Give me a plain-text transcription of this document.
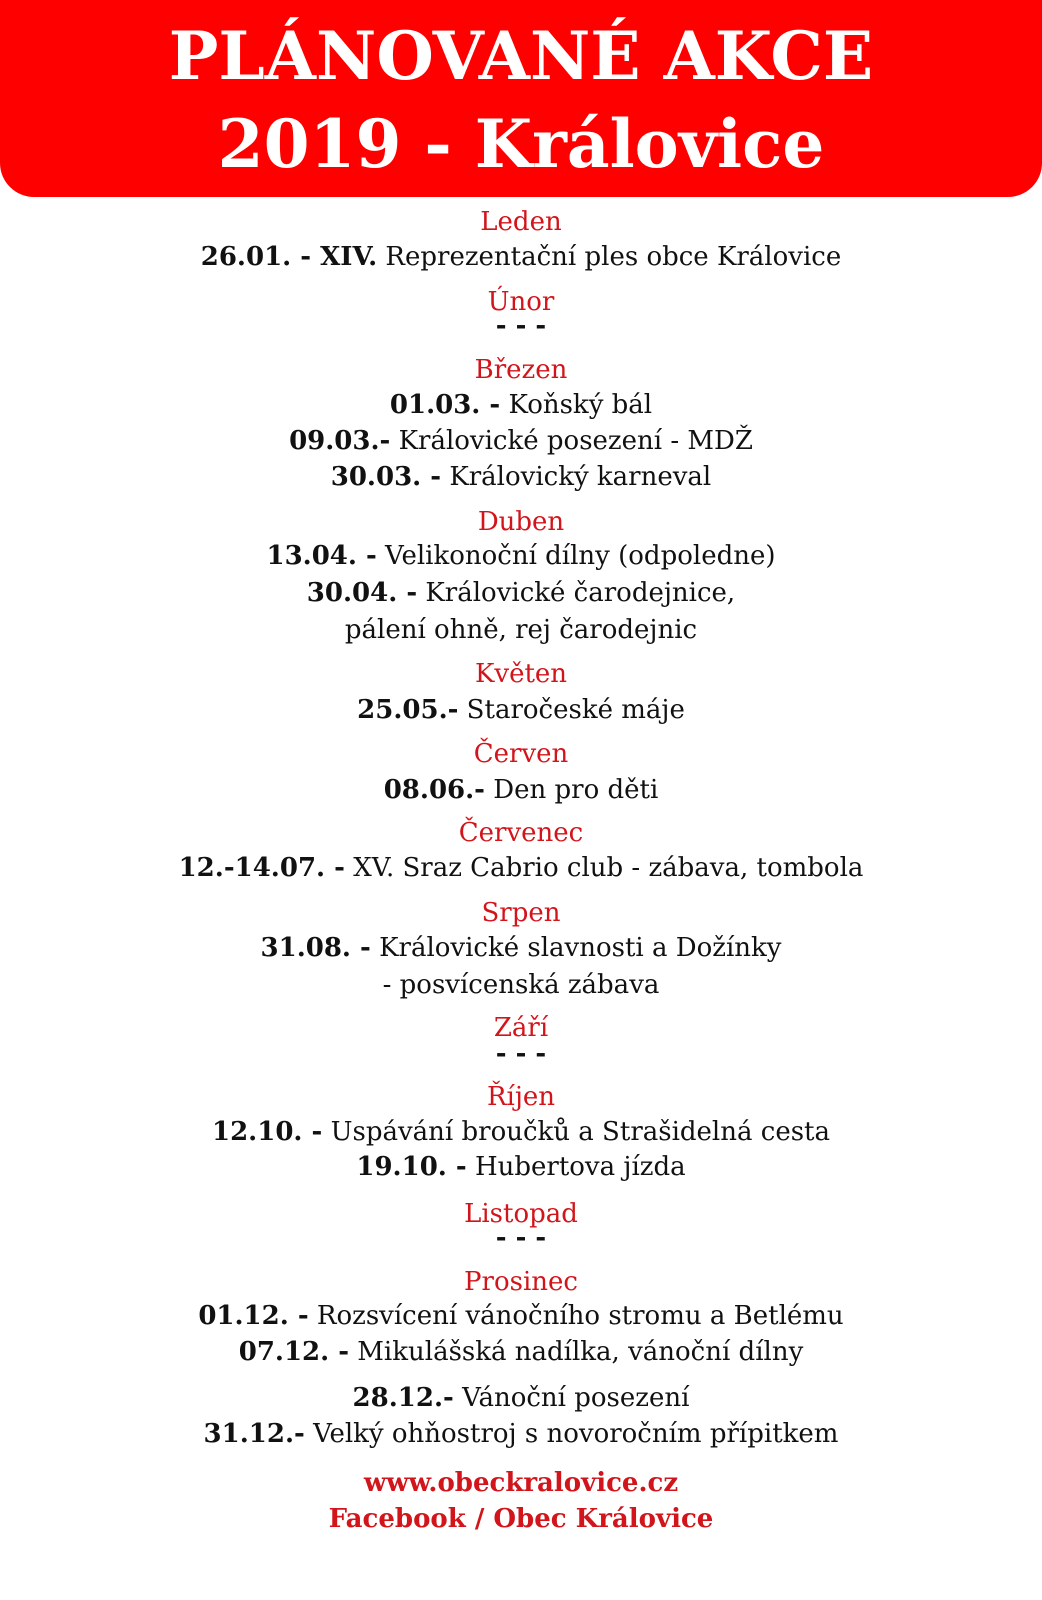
PLÁNOVANÉ AKCE
2019 - Královice
Leden
26.01. - XIV. Reprezentační ples obce Královice
Únor
- - -
Březen
01.03. - Koňský bál
09.03.- Královické posezení - MDŽ
30.03. - Královický karneval
Duben
13.04. - Velikonoční dílny (odpoledne)
30.04. - Královické čarodejnice,
pálení ohně, rej čarodejnic
Květen
25.05.- Staročeské máje
Červen
08.06.- Den pro děti
Červenec
12.-14.07. - XV. Sraz Cabrio club - zábava, tombola
Srpen
31.08. - Královické slavnosti a Dožínky
- posvícenská zábava
Září
- - -
Říjen
12.10. - Uspávání broučků a Strašidelná cesta
19.10. - Hubertova jízda
Listopad
- - -
Prosinec
01.12. - Rozsvícení vánočního stromu a Betlému
07.12. - Mikulášská nadílka, vánoční dílny
28.12.- Vánoční posezení
31.12.- Velký ohňostroj s novoročním přípitkem
www.obeckralovice.cz
Facebook / Obec Královice
